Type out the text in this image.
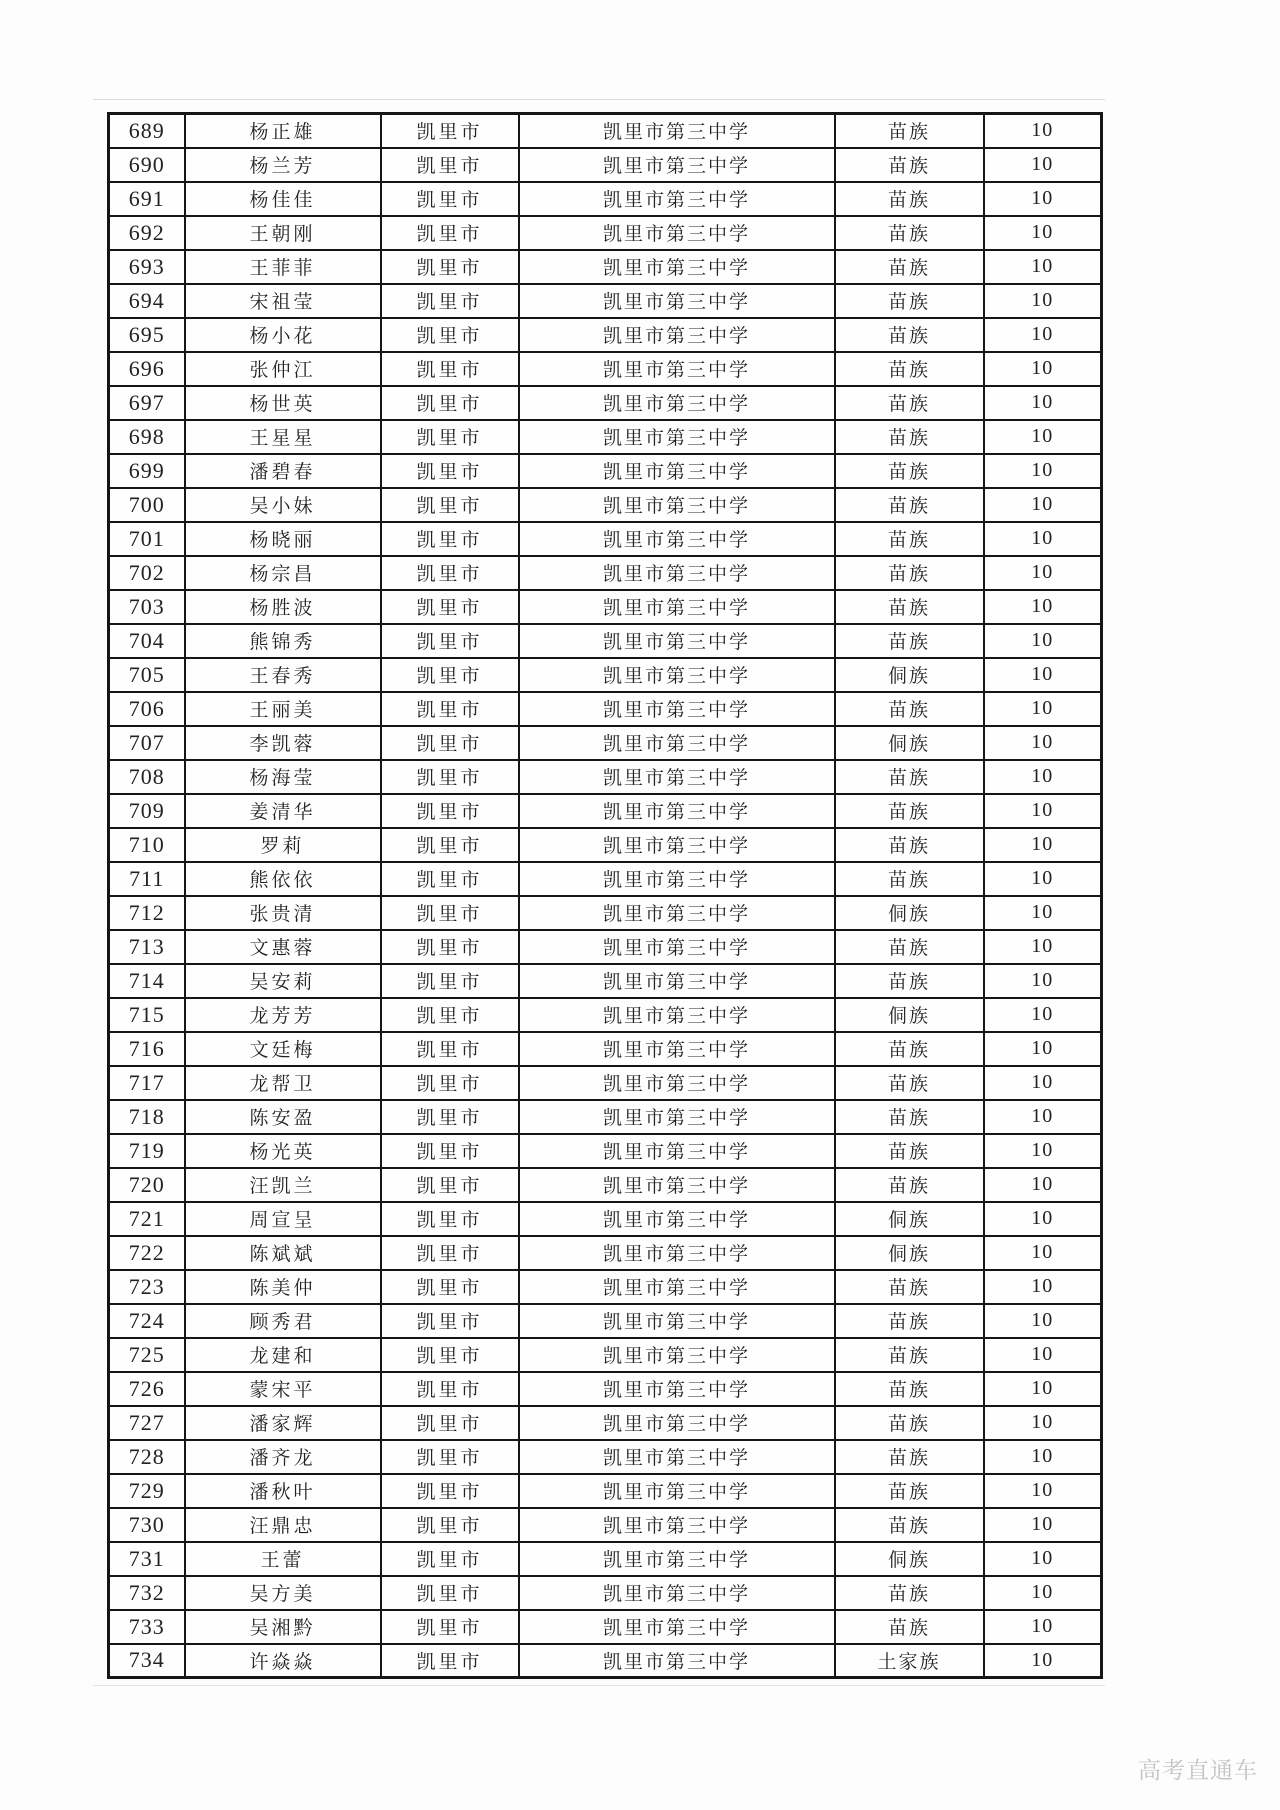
689	杨正雄	凯里市	凯里市第三中学	苗族	10
690	杨兰芳	凯里市	凯里市第三中学	苗族	10
691	杨佳佳	凯里市	凯里市第三中学	苗族	10
692	王朝刚	凯里市	凯里市第三中学	苗族	10
693	王菲菲	凯里市	凯里市第三中学	苗族	10
694	宋祖莹	凯里市	凯里市第三中学	苗族	10
695	杨小花	凯里市	凯里市第三中学	苗族	10
696	张仲江	凯里市	凯里市第三中学	苗族	10
697	杨世英	凯里市	凯里市第三中学	苗族	10
698	王星星	凯里市	凯里市第三中学	苗族	10
699	潘碧春	凯里市	凯里市第三中学	苗族	10
700	吴小妹	凯里市	凯里市第三中学	苗族	10
701	杨晓丽	凯里市	凯里市第三中学	苗族	10
702	杨宗昌	凯里市	凯里市第三中学	苗族	10
703	杨胜波	凯里市	凯里市第三中学	苗族	10
704	熊锦秀	凯里市	凯里市第三中学	苗族	10
705	王春秀	凯里市	凯里市第三中学	侗族	10
706	王丽美	凯里市	凯里市第三中学	苗族	10
707	李凯蓉	凯里市	凯里市第三中学	侗族	10
708	杨海莹	凯里市	凯里市第三中学	苗族	10
709	姜清华	凯里市	凯里市第三中学	苗族	10
710	罗莉	凯里市	凯里市第三中学	苗族	10
711	熊依依	凯里市	凯里市第三中学	苗族	10
712	张贵清	凯里市	凯里市第三中学	侗族	10
713	文惠蓉	凯里市	凯里市第三中学	苗族	10
714	吴安莉	凯里市	凯里市第三中学	苗族	10
715	龙芳芳	凯里市	凯里市第三中学	侗族	10
716	文廷梅	凯里市	凯里市第三中学	苗族	10
717	龙帮卫	凯里市	凯里市第三中学	苗族	10
718	陈安盈	凯里市	凯里市第三中学	苗族	10
719	杨光英	凯里市	凯里市第三中学	苗族	10
720	汪凯兰	凯里市	凯里市第三中学	苗族	10
721	周宣呈	凯里市	凯里市第三中学	侗族	10
722	陈斌斌	凯里市	凯里市第三中学	侗族	10
723	陈美仲	凯里市	凯里市第三中学	苗族	10
724	顾秀君	凯里市	凯里市第三中学	苗族	10
725	龙建和	凯里市	凯里市第三中学	苗族	10
726	蒙宋平	凯里市	凯里市第三中学	苗族	10
727	潘家辉	凯里市	凯里市第三中学	苗族	10
728	潘齐龙	凯里市	凯里市第三中学	苗族	10
729	潘秋叶	凯里市	凯里市第三中学	苗族	10
730	汪鼎忠	凯里市	凯里市第三中学	苗族	10
731	王蕾	凯里市	凯里市第三中学	侗族	10
732	吴方美	凯里市	凯里市第三中学	苗族	10
733	吴湘黔	凯里市	凯里市第三中学	苗族	10
734	许焱焱	凯里市	凯里市第三中学	土家族	10
高考直通车
